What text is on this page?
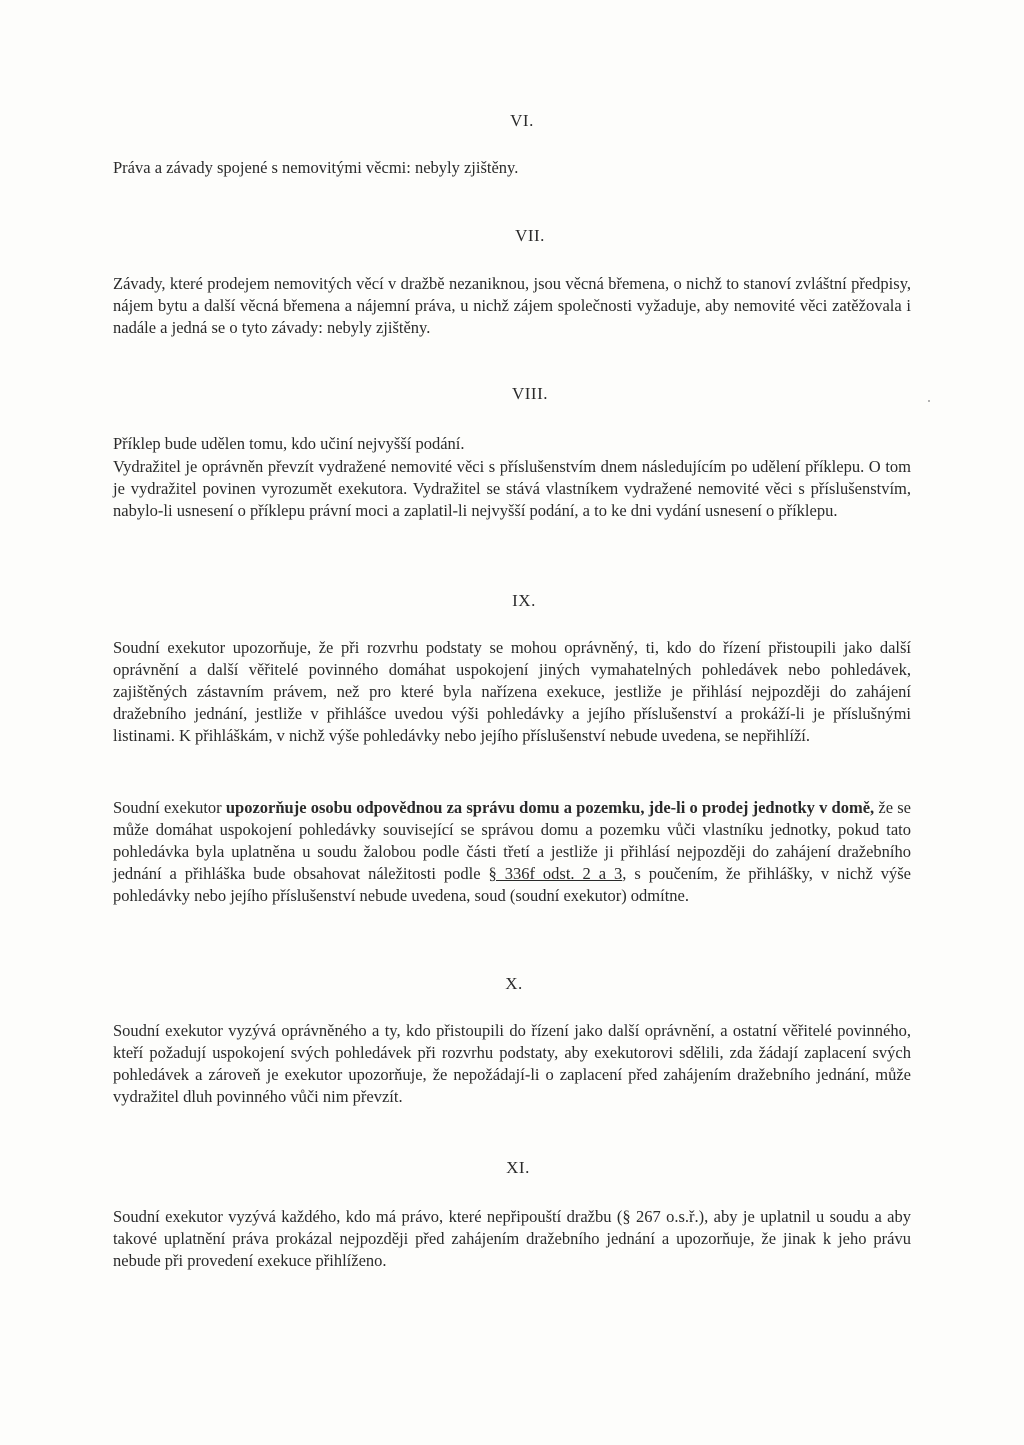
VI.
Práva a závady spojené s nemovitými věcmi: nebyly zjištěny.
VII.
Závady, které prodejem nemovitých věcí v dražbě nezaniknou, jsou věcná břemena, o nichž to stanoví zvláštní předpisy, nájem bytu a další věcná břemena a nájemní práva, u nichž zájem společnosti vyžaduje, aby nemovité věci zatěžovala i nadále a jedná se o tyto závady: nebyly zjištěny.
VIII.
Příklep bude udělen tomu, kdo učiní nejvyšší podání.
Vydražitel je oprávněn převzít vydražené nemovité věci s příslušenstvím dnem následujícím po udělení příklepu. O tom je vydražitel povinen vyrozumět exekutora. Vydražitel se stává vlastníkem vydražené nemovité věci s příslušenstvím, nabylo-li usnesení o příklepu právní moci a zaplatil-li nejvyšší podání, a to ke dni vydání usnesení o příklepu.
IX.
Soudní exekutor upozorňuje, že při rozvrhu podstaty se mohou oprávněný, ti, kdo do řízení přistoupili jako další oprávnění a další věřitelé povinného domáhat uspokojení jiných vymahatelných pohledávek nebo pohledávek, zajištěných zástavním právem, než pro které byla nařízena exekuce, jestliže je přihlásí nejpozději do zahájení dražebního jednání, jestliže v přihlášce uvedou výši pohledávky a jejího příslušenství a prokáží-li je příslušnými listinami. K přihláškám, v nichž výše pohledávky nebo jejího příslušenství nebude uvedena, se nepřihlíží.
Soudní exekutor upozorňuje osobu odpovědnou za správu domu a pozemku, jde-li o prodej jednotky v domě, že se může domáhat uspokojení pohledávky související se správou domu a pozemku vůči vlastníku jednotky, pokud tato pohledávka byla uplatněna u soudu žalobou podle části třetí a jestliže ji přihlásí nejpozději do zahájení dražebního jednání a přihláška bude obsahovat náležitosti podle § 336f odst. 2 a 3, s poučením, že přihlášky, v nichž výše pohledávky nebo jejího příslušenství nebude uvedena, soud (soudní exekutor) odmítne.
X.
Soudní exekutor vyzývá oprávněného a ty, kdo přistoupili do řízení jako další oprávnění, a ostatní věřitelé povinného, kteří požadují uspokojení svých pohledávek při rozvrhu podstaty, aby exekutorovi sdělili, zda žádají zaplacení svých pohledávek a zároveň je exekutor upozorňuje, že nepožádají-li o zaplacení před zahájením dražebního jednání, může vydražitel dluh povinného vůči nim převzít.
XI.
Soudní exekutor vyzývá každého, kdo má právo, které nepřipouští dražbu (§ 267 o.s.ř.), aby je uplatnil u soudu a aby takové uplatnění práva prokázal nejpozději před zahájením dražebního jednání a upozorňuje, že jinak k jeho právu nebude při provedení exekuce přihlíženo.
